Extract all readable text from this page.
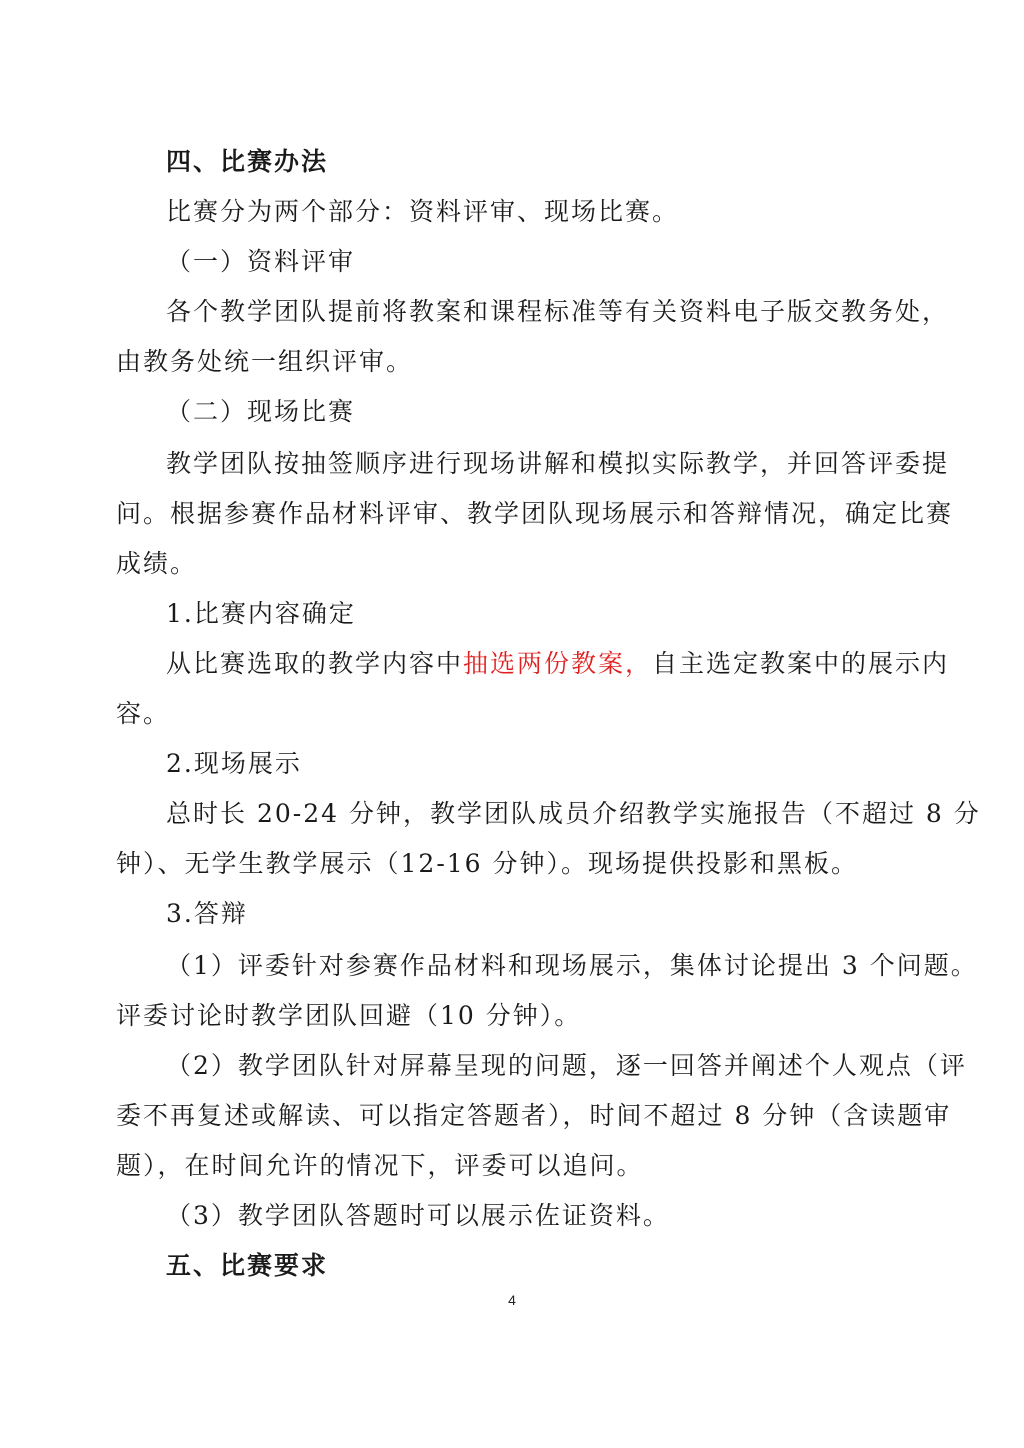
四、比赛办法
比赛分为两个部分：资料评审、现场比赛。
（一）资料评审
各个教学团队提前将教案和课程标准等有关资料电子版交教务处，
由教务处统一组织评审。
（二）现场比赛
教学团队按抽签顺序进行现场讲解和模拟实际教学，并回答评委提
问。根据参赛作品材料评审、教学团队现场展示和答辩情况，确定比赛
成绩。
1.比赛内容确定
从比赛选取的教学内容中抽选两份教案，自主选定教案中的展示内
容。
2.现场展示
总时长 20-24 分钟，教学团队成员介绍教学实施报告（不超过 8 分
钟）、无学生教学展示（12-16 分钟）。现场提供投影和黑板。
3.答辩
（1）评委针对参赛作品材料和现场展示，集体讨论提出 3 个问题。
评委讨论时教学团队回避（10 分钟）。
（2）教学团队针对屏幕呈现的问题，逐一回答并阐述个人观点（评
委不再复述或解读、可以指定答题者），时间不超过 8 分钟（含读题审
题），在时间允许的情况下，评委可以追问。
（3）教学团队答题时可以展示佐证资料。
五、比赛要求
4
